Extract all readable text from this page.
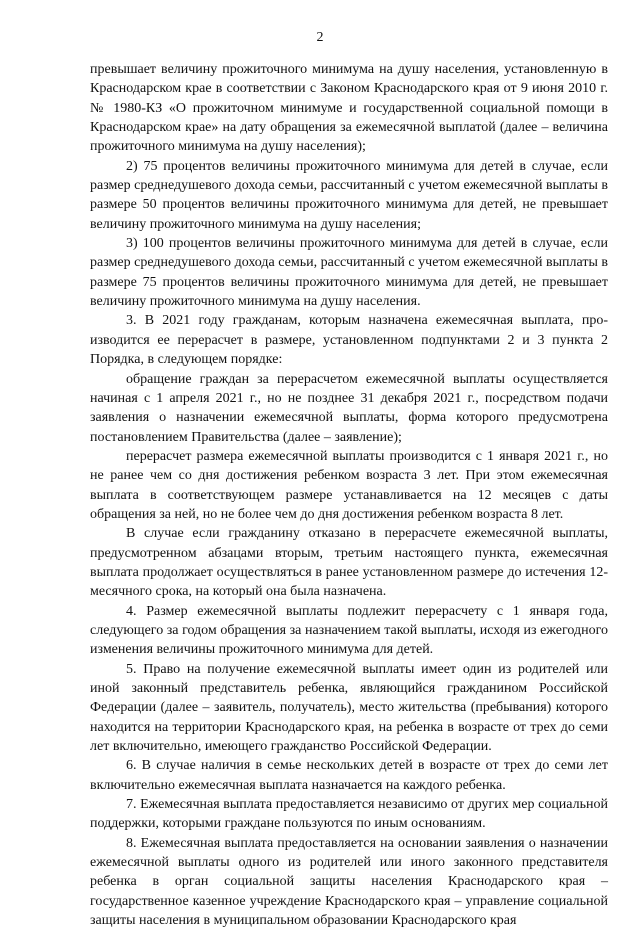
2

превышает величину прожиточного минимума на душу населения, установленную в Краснодарском крае в соответствии с Законом Краснодарского края от 9 июня 2010 г. № 1980-КЗ «О прожиточном минимуме и государственной социальной помощи в Краснодарском крае» на дату обращения за ежемесячной выплатой (далее – величина прожиточного минимума на душу населения);

2) 75 процентов величины прожиточного минимума для детей в случае, если размер среднедушевого дохода семьи, рассчитанный с учетом ежемесячной выплаты в размере 50 процентов величины прожиточного минимума для детей, не превышает величину прожиточного минимума на душу населения;

3) 100 процентов величины прожиточного минимума для детей в случае, если размер среднедушевого дохода семьи, рассчитанный с учетом ежемесячной выплаты в размере 75 процентов величины прожиточного минимума для детей, не превышает величину прожиточного минимума на душу населения.

3. В 2021 году гражданам, которым назначена ежемесячная выплата, производится ее перерасчет в размере, установленном подпунктами 2 и 3 пункта 2 Порядка, в следующем порядке:

обращение граждан за перерасчетом ежемесячной выплаты осуществляется начиная с 1 апреля 2021 г., но не позднее 31 декабря 2021 г., посредством подачи заявления о назначении ежемесячной выплаты, форма которого предусмотрена постановлением Правительства (далее – заявление);

перерасчет размера ежемесячной выплаты производится с 1 января 2021 г., но не ранее чем со дня достижения ребенком возраста 3 лет. При этом ежемесячная выплата в соответствующем размере устанавливается на 12 месяцев с даты обращения за ней, но не более чем до дня достижения ребенком возраста 8 лет.

В случае если гражданину отказано в перерасчете ежемесячной выплаты, предусмотренном абзацами вторым, третьим настоящего пункта, ежемесячная выплата продолжает осуществляться в ранее установленном размере до истечения 12-месячного срока, на который она была назначена.

4. Размер ежемесячной выплаты подлежит перерасчету с 1 января года, следующего за годом обращения за назначением такой выплаты, исходя из ежегодного изменения величины прожиточного минимума для детей.

5. Право на получение ежемесячной выплаты имеет один из родителей или иной законный представитель ребенка, являющийся гражданином Российской Федерации (далее – заявитель, получатель), место жительства (пребывания) которого находится на территории Краснодарского края, на ребенка в возрасте от трех до семи лет включительно, имеющего гражданство Российской Федерации.

6. В случае наличия в семье нескольких детей в возрасте от трех до семи лет включительно ежемесячная выплата назначается на каждого ребенка.

7. Ежемесячная выплата предоставляется независимо от других мер социальной поддержки, которыми граждане пользуются по иным основаниям.

8. Ежемесячная выплата предоставляется на основании заявления о назначении ежемесячной выплаты одного из родителей или иного законного представителя ребенка в орган социальной защиты населения Краснодарского края – государственное казенное учреждение Краснодарского края – управление социальной защиты населения в муниципальном образовании Краснодарского края
